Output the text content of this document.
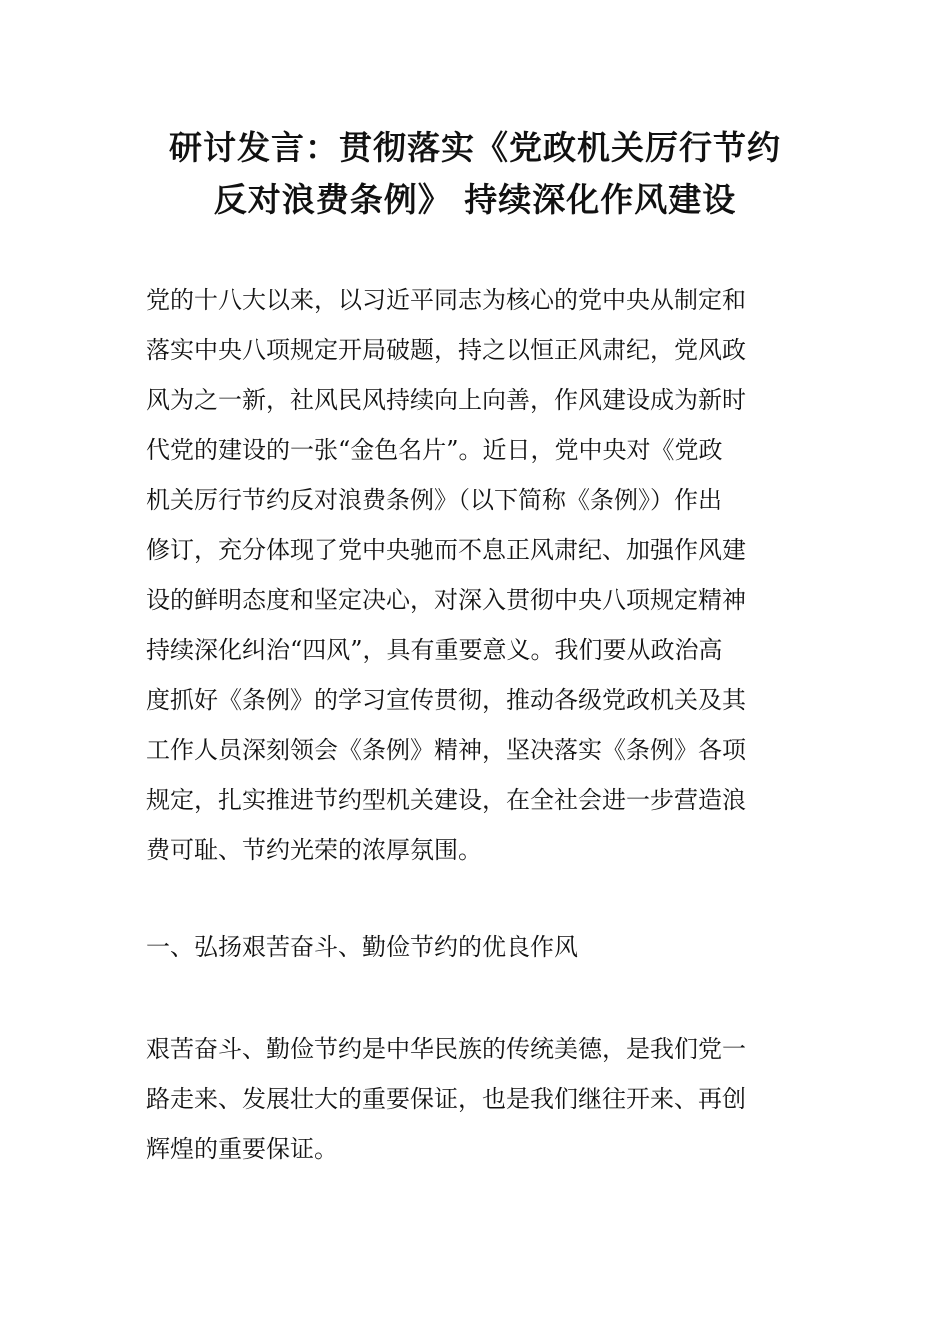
研讨发言：贯彻落实《党政机关厉行节约
反对浪费条例》 持续深化作风建设

党的十八大以来，以习近平同志为核心的党中央从制定和
落实中央八项规定开局破题，持之以恒正风肃纪，党风政
风为之一新，社风民风持续向上向善，作风建设成为新时
代党的建设的一张“金色名片”。近日，党中央对《党政
机关厉行节约反对浪费条例》（以下简称《条例》）作出
修订，充分体现了党中央驰而不息正风肃纪、加强作风建
设的鲜明态度和坚定决心，对深入贯彻中央八项规定精神
持续深化纠治“四风”，具有重要意义。我们要从政治高
度抓好《条例》的学习宣传贯彻，推动各级党政机关及其
工作人员深刻领会《条例》精神，坚决落实《条例》各项
规定，扎实推进节约型机关建设，在全社会进一步营造浪
费可耻、节约光荣的浓厚氛围。

一、弘扬艰苦奋斗、勤俭节约的优良作风

艰苦奋斗、勤俭节约是中华民族的传统美德，是我们党一
路走来、发展壮大的重要保证，也是我们继往开来、再创
辉煌的重要保证。
